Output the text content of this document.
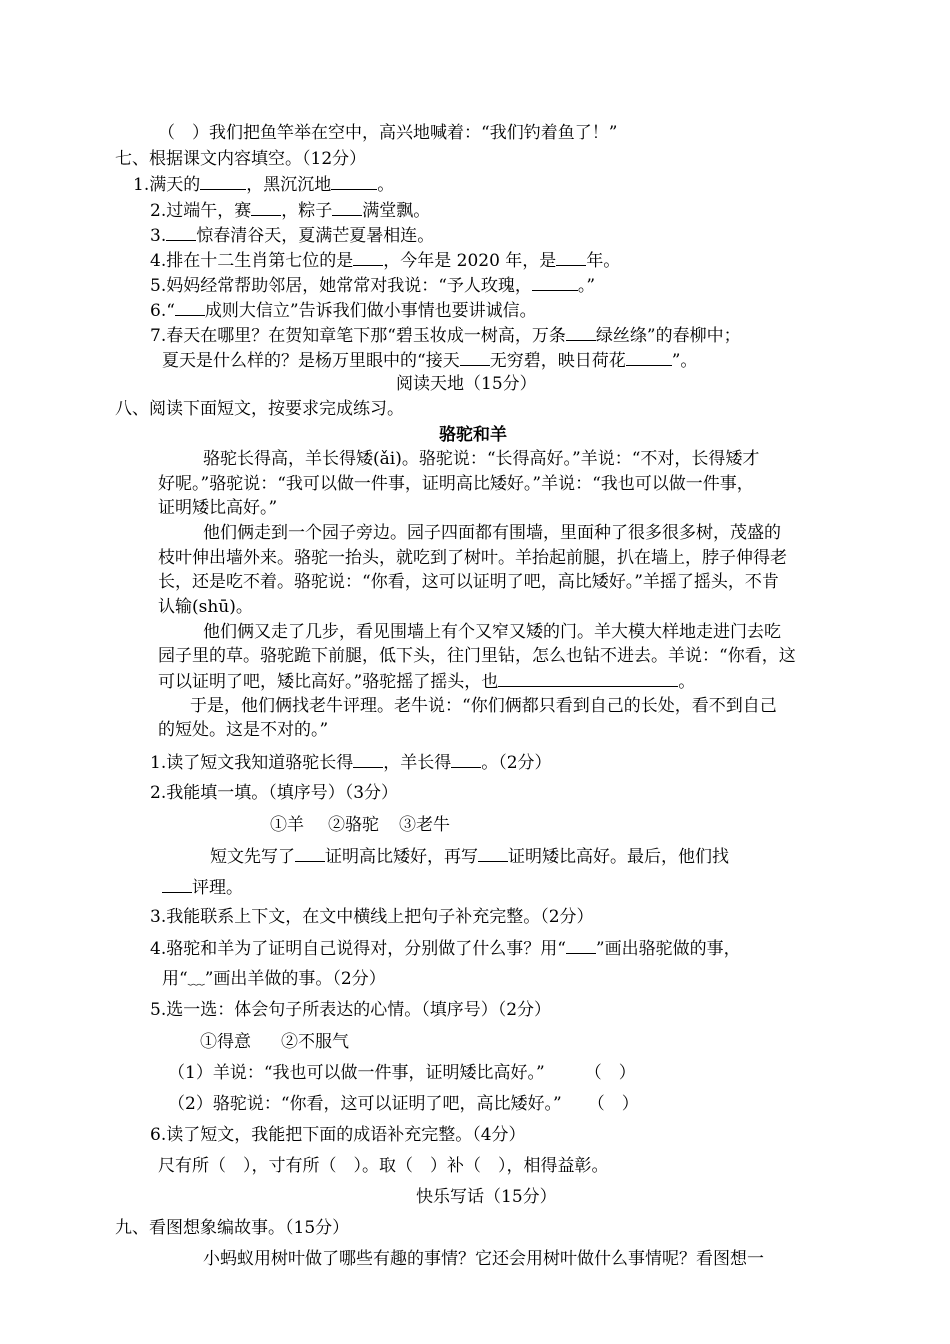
（　）我们把鱼竿举在空中，高兴地喊着：“我们钓着鱼了！”
七、根据课文内容填空。（12分）
1.满天的	，黑沉沉地	。
2.过端午，赛 ，粽子 满堂飘。
3. 惊春清谷天，夏满芒夏暑相连。
4.排在十二生肖第七位的是 ，今年是 2020 年，是 年。
5.妈妈经常帮助邻居，她常常对我说：“予人玫瑰，	。”
6.“ 成则大信立”告诉我们做小事情也要讲诚信。
7.春天在哪里？在贺知章笔下那“碧玉妆成一树高，万条 绿丝绦”的春柳中；
夏天是什么样的？是杨万里眼中的“接天 无穷碧，映日荷花	”。
阅读天地（15分）
八、阅读下面短文，按要求完成练习。
骆驼和羊
骆驼长得高，羊长得矮(ǎi)。骆驼说：“长得高好。”羊说：“不对，长得矮才
好呢。”骆驼说：“我可以做一件事，证明高比矮好。”羊说：“我也可以做一件事，
证明矮比高好。”
他们俩走到一个园子旁边。园子四面都有围墙，里面种了很多很多树，茂盛的
枝叶伸出墙外来。骆驼一抬头，就吃到了树叶。羊抬起前腿，扒在墙上，脖子伸得老
长，还是吃不着。骆驼说：“你看，这可以证明了吧，高比矮好。”羊摇了摇头，不肯
认输(shū)。
他们俩又走了几步，看见围墙上有个又窄又矮的门。羊大模大样地走进门去吃
园子里的草。骆驼跪下前腿，低下头，往门里钻，怎么也钻不进去。羊说：“你看，这
可以证明了吧，矮比高好。”骆驼摇了摇头，也	。
于是，他们俩找老牛评理。老牛说：“你们俩都只看到自己的长处，看不到自己
的短处。这是不对的。”
1.读了短文我知道骆驼长得 ，羊长得 。（2分）
2.我能填一填。（填序号）（3分）
①羊 ②骆驼 ③老牛
短文先写了 证明高比矮好，再写 证明矮比高好。最后，他们找
评理。
3.我能联系上下文，在文中横线上把句子补充完整。（2分）
4.骆驼和羊为了证明自己说得对，分别做了什么事？用“ ”画出骆驼做的事，
用“﹏”画出羊做的事。（2分）
5.选一选：体会句子所表达的心情。（填序号）（2分）
①得意 ②不服气
（1）羊说：“我也可以做一件事，证明矮比高好。” （　）
（2）骆驼说：“你看，这可以证明了吧，高比矮好。” （　）
6.读了短文，我能把下面的成语补充完整。（4分）
尺有所（　），寸有所（　）。取（　）补（　），相得益彰。
快乐写话（15分）
九、看图想象编故事。（15分）
小蚂蚁用树叶做了哪些有趣的事情？它还会用树叶做什么事情呢？看图想一
